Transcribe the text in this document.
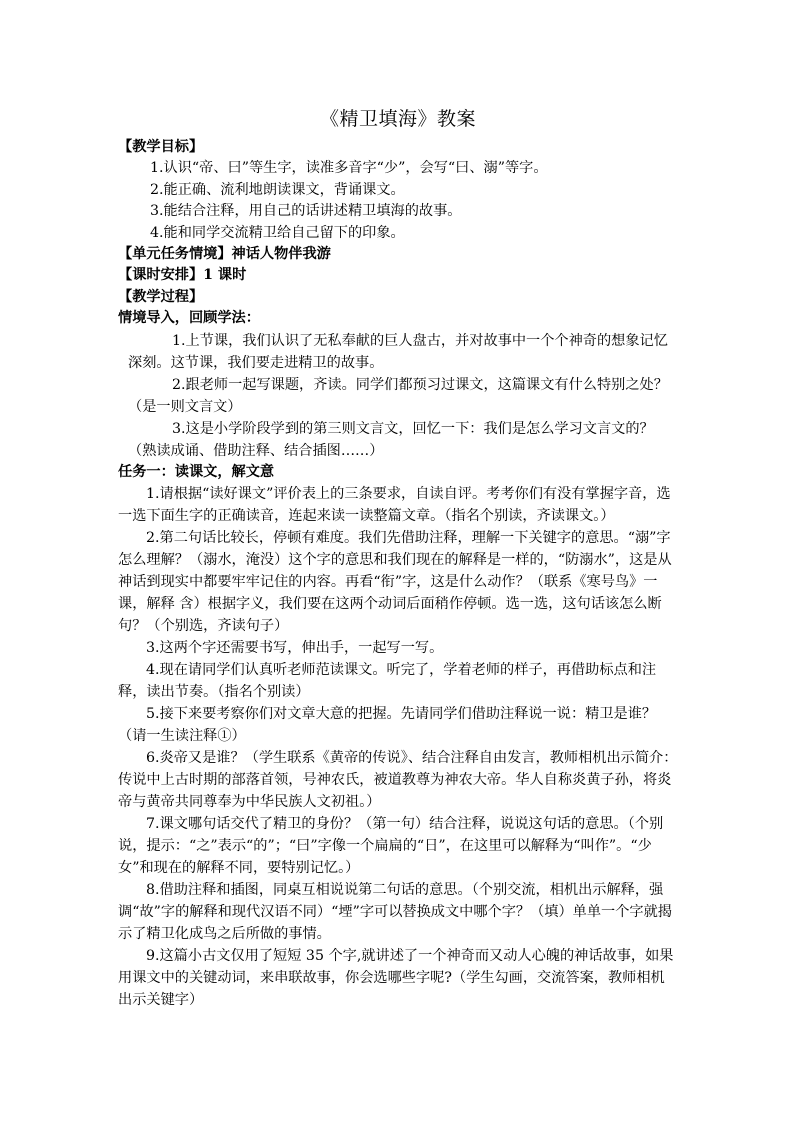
《精卫填海》教案
【教学目标】
1.认识“帝、曰”等生字，读准多音字“少”，会写“曰、溺”等字。
2.能正确、流利地朗读课文，背诵课文。
3.能结合注释，用自己的话讲述精卫填海的故事。
4.能和同学交流精卫给自己留下的印象。
【单元任务情境】神话人物伴我游
【课时安排】1 课时
【教学过程】
情境导入，回顾学法：
1.上节课，我们认识了无私奉献的巨人盘古，并对故事中一个个神奇的想象记忆深刻。这节课，我们要走进精卫的故事。
2.跟老师一起写课题，齐读。同学们都预习过课文，这篇课文有什么特别之处？（是一则文言文）
3.这是小学阶段学到的第三则文言文，回忆一下：我们是怎么学习文言文的？（熟读成诵、借助注释、结合插图……）
任务一：读课文，解文意
1.请根据“读好课文”评价表上的三条要求，自读自评。考考你们有没有掌握字音，选一选下面生字的正确读音，连起来读一读整篇文章。（指名个别读，齐读课文。）
2.第二句话比较长，停顿有难度。我们先借助注释，理解一下关键字的意思。“溺”字怎么理解？（溺水，淹没）这个字的意思和我们现在的解释是一样的，“防溺水”，这是从神话到现实中都要牢牢记住的内容。再看“衔”字，这是什么动作？（联系《寒号鸟》一课，解释 含）根据字义，我们要在这两个动词后面稍作停顿。选一选，这句话该怎么断句？（个别选，齐读句子）
3.这两个字还需要书写，伸出手，一起写一写。
4.现在请同学们认真听老师范读课文。听完了，学着老师的样子，再借助标点和注释，读出节奏。（指名个别读）
5.接下来要考察你们对文章大意的把握。先请同学们借助注释说一说：精卫是谁？（请一生读注释①）
6.炎帝又是谁？（学生联系《黄帝的传说》、结合注释自由发言，教师相机出示简介：传说中上古时期的部落首领，号神农氏，被道教尊为神农大帝。华人自称炎黄子孙，将炎帝与黄帝共同尊奉为中华民族人文初祖。）
7.课文哪句话交代了精卫的身份？（第一句）结合注释，说说这句话的意思。（个别说，提示：“之”表示“的”；“曰”字像一个扁扁的“日”，在这里可以解释为“叫作”。“少女”和现在的解释不同，要特别记忆。）
8.借助注释和插图，同桌互相说说第二句话的意思。（个别交流，相机出示解释，强调“故”字的解释和现代汉语不同）“堙”字可以替换成文中哪个字？（填）单单一个字就揭示了精卫化成鸟之后所做的事情。
9.这篇小古文仅用了短短 35 个字,就讲述了一个神奇而又动人心魄的神话故事，如果用课文中的关键动词，来串联故事，你会选哪些字呢?（学生勾画，交流答案，教师相机出示关键字）
